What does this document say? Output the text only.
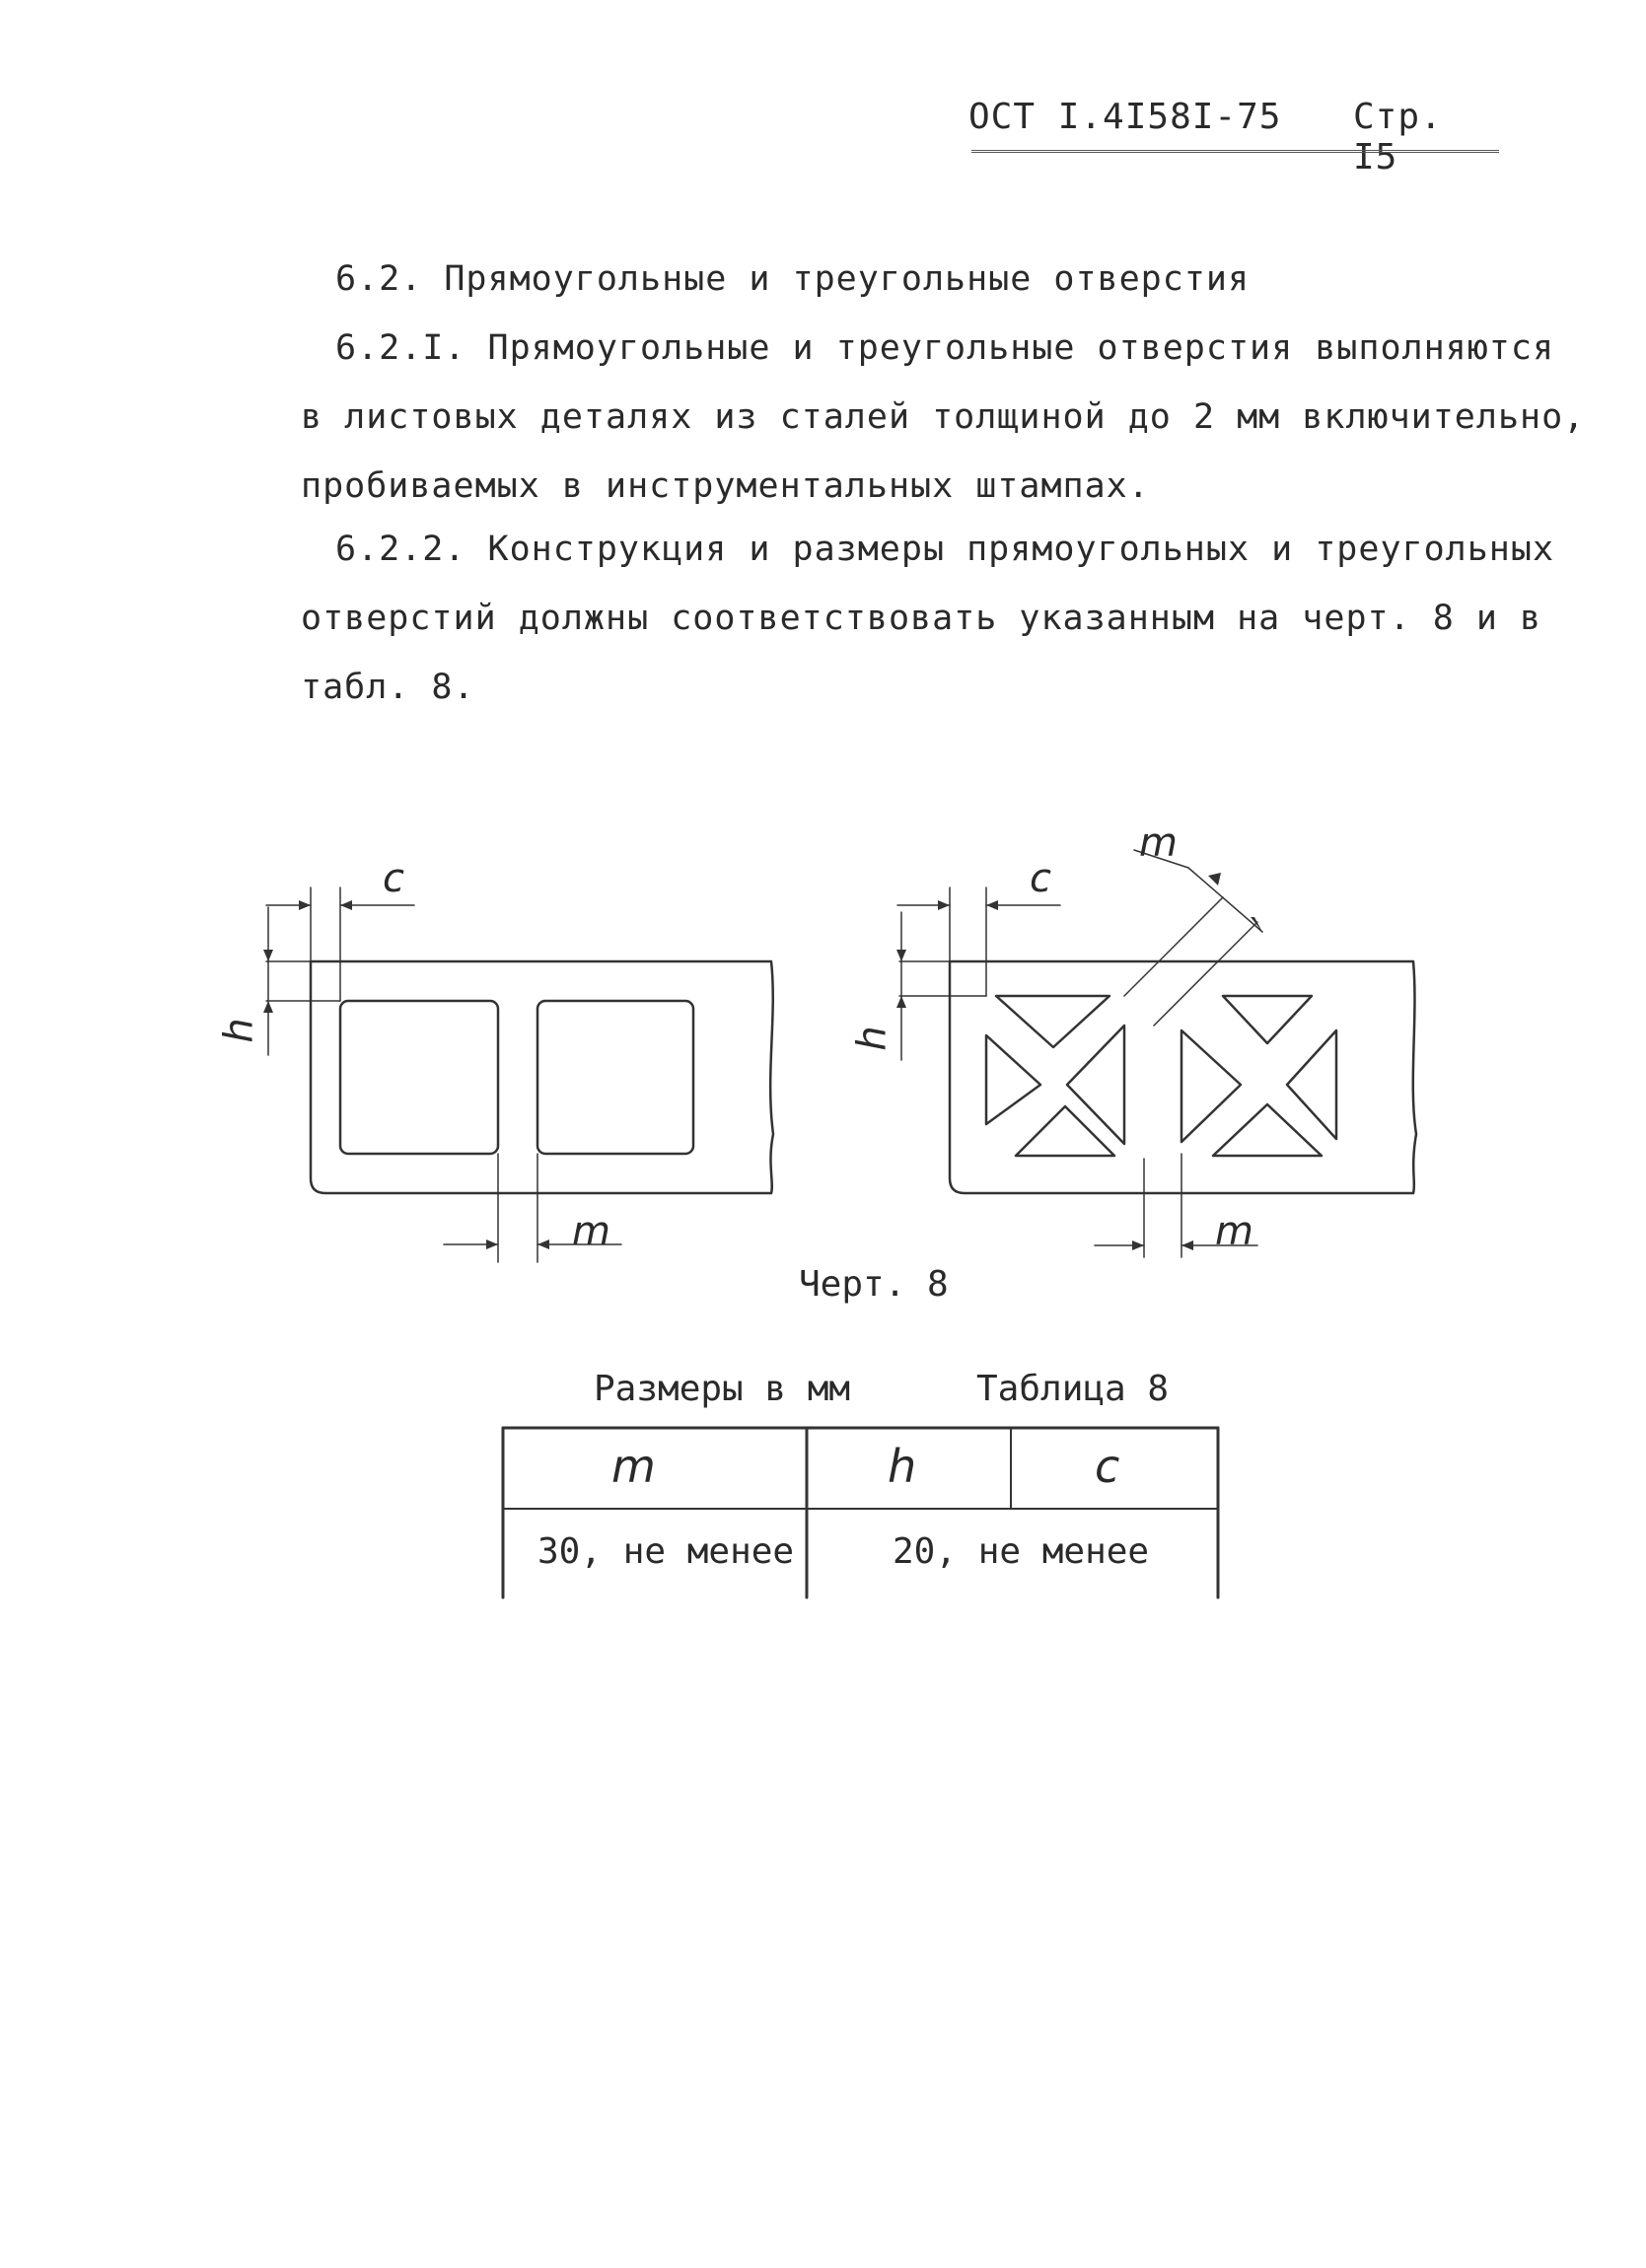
ОСТ I.4I58I-75 Стр. I5
6.2. Прямоугольные и треугольные отверстия
6.2.I. Прямоугольные и треугольные отверстия выполняются
в листовых деталях из сталей толщиной до 2 мм включительно,
пробиваемых в инструментальных штампах.
6.2.2. Конструкция и размеры прямоугольных и треугольных
отверстий должны соответствовать указанным на черт. 8 и в
табл. 8.
c
h
m
c
h
m
m
Черт. 8
Размеры в мм	Таблица 8
m	h	c
30, не менее	20, не менее
